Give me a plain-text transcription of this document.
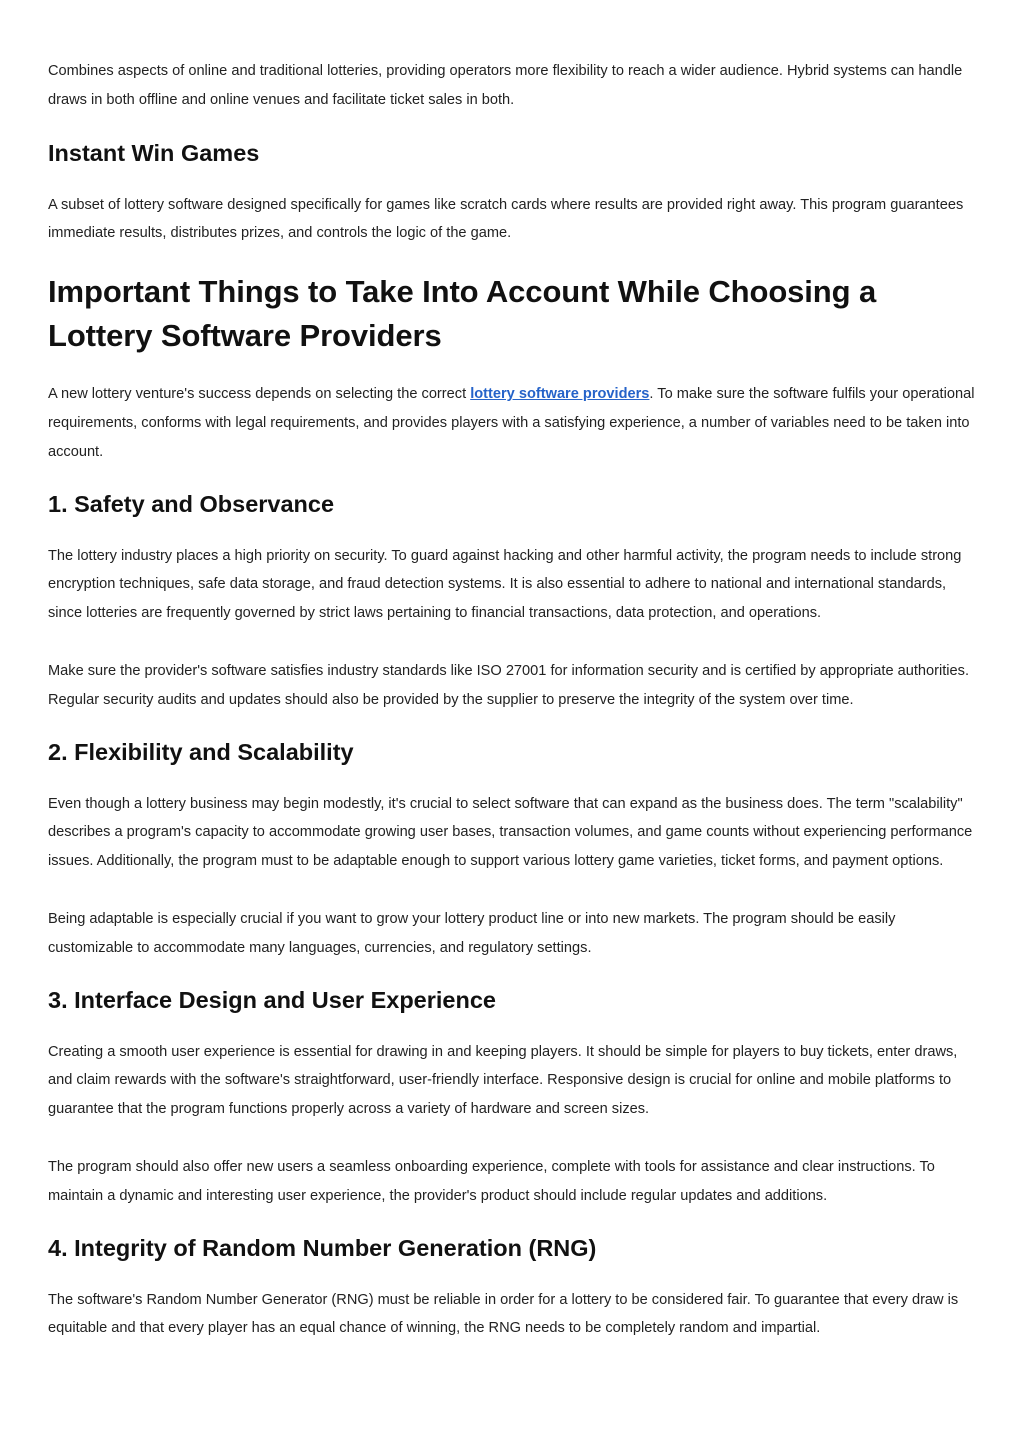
Combines aspects of online and traditional lotteries, providing operators more flexibility to reach a wider audience. Hybrid systems can handle draws in both offline and online venues and facilitate ticket sales in both.

Instant Win Games

A subset of lottery software designed specifically for games like scratch cards where results are provided right away. This program guarantees immediate results, distributes prizes, and controls the logic of the game.

Important Things to Take Into Account While Choosing a Lottery Software Providers

A new lottery venture's success depends on selecting the correct lottery software providers. To make sure the software fulfils your operational requirements, conforms with legal requirements, and provides players with a satisfying experience, a number of variables need to be taken into account.

1. Safety and Observance

The lottery industry places a high priority on security. To guard against hacking and other harmful activity, the program needs to include strong encryption techniques, safe data storage, and fraud detection systems. It is also essential to adhere to national and international standards, since lotteries are frequently governed by strict laws pertaining to financial transactions, data protection, and operations.

Make sure the provider's software satisfies industry standards like ISO 27001 for information security and is certified by appropriate authorities. Regular security audits and updates should also be provided by the supplier to preserve the integrity of the system over time.

2. Flexibility and Scalability

Even though a lottery business may begin modestly, it's crucial to select software that can expand as the business does. The term "scalability" describes a program's capacity to accommodate growing user bases, transaction volumes, and game counts without experiencing performance issues. Additionally, the program must to be adaptable enough to support various lottery game varieties, ticket forms, and payment options.

Being adaptable is especially crucial if you want to grow your lottery product line or into new markets. The program should be easily customizable to accommodate many languages, currencies, and regulatory settings.

3. Interface Design and User Experience

Creating a smooth user experience is essential for drawing in and keeping players. It should be simple for players to buy tickets, enter draws, and claim rewards with the software's straightforward, user-friendly interface. Responsive design is crucial for online and mobile platforms to guarantee that the program functions properly across a variety of hardware and screen sizes.

The program should also offer new users a seamless onboarding experience, complete with tools for assistance and clear instructions. To maintain a dynamic and interesting user experience, the provider's product should include regular updates and additions.

4. Integrity of Random Number Generation (RNG)

The software's Random Number Generator (RNG) must be reliable in order for a lottery to be considered fair. To guarantee that every draw is equitable and that every player has an equal chance of winning, the RNG needs to be completely random and impartial.
